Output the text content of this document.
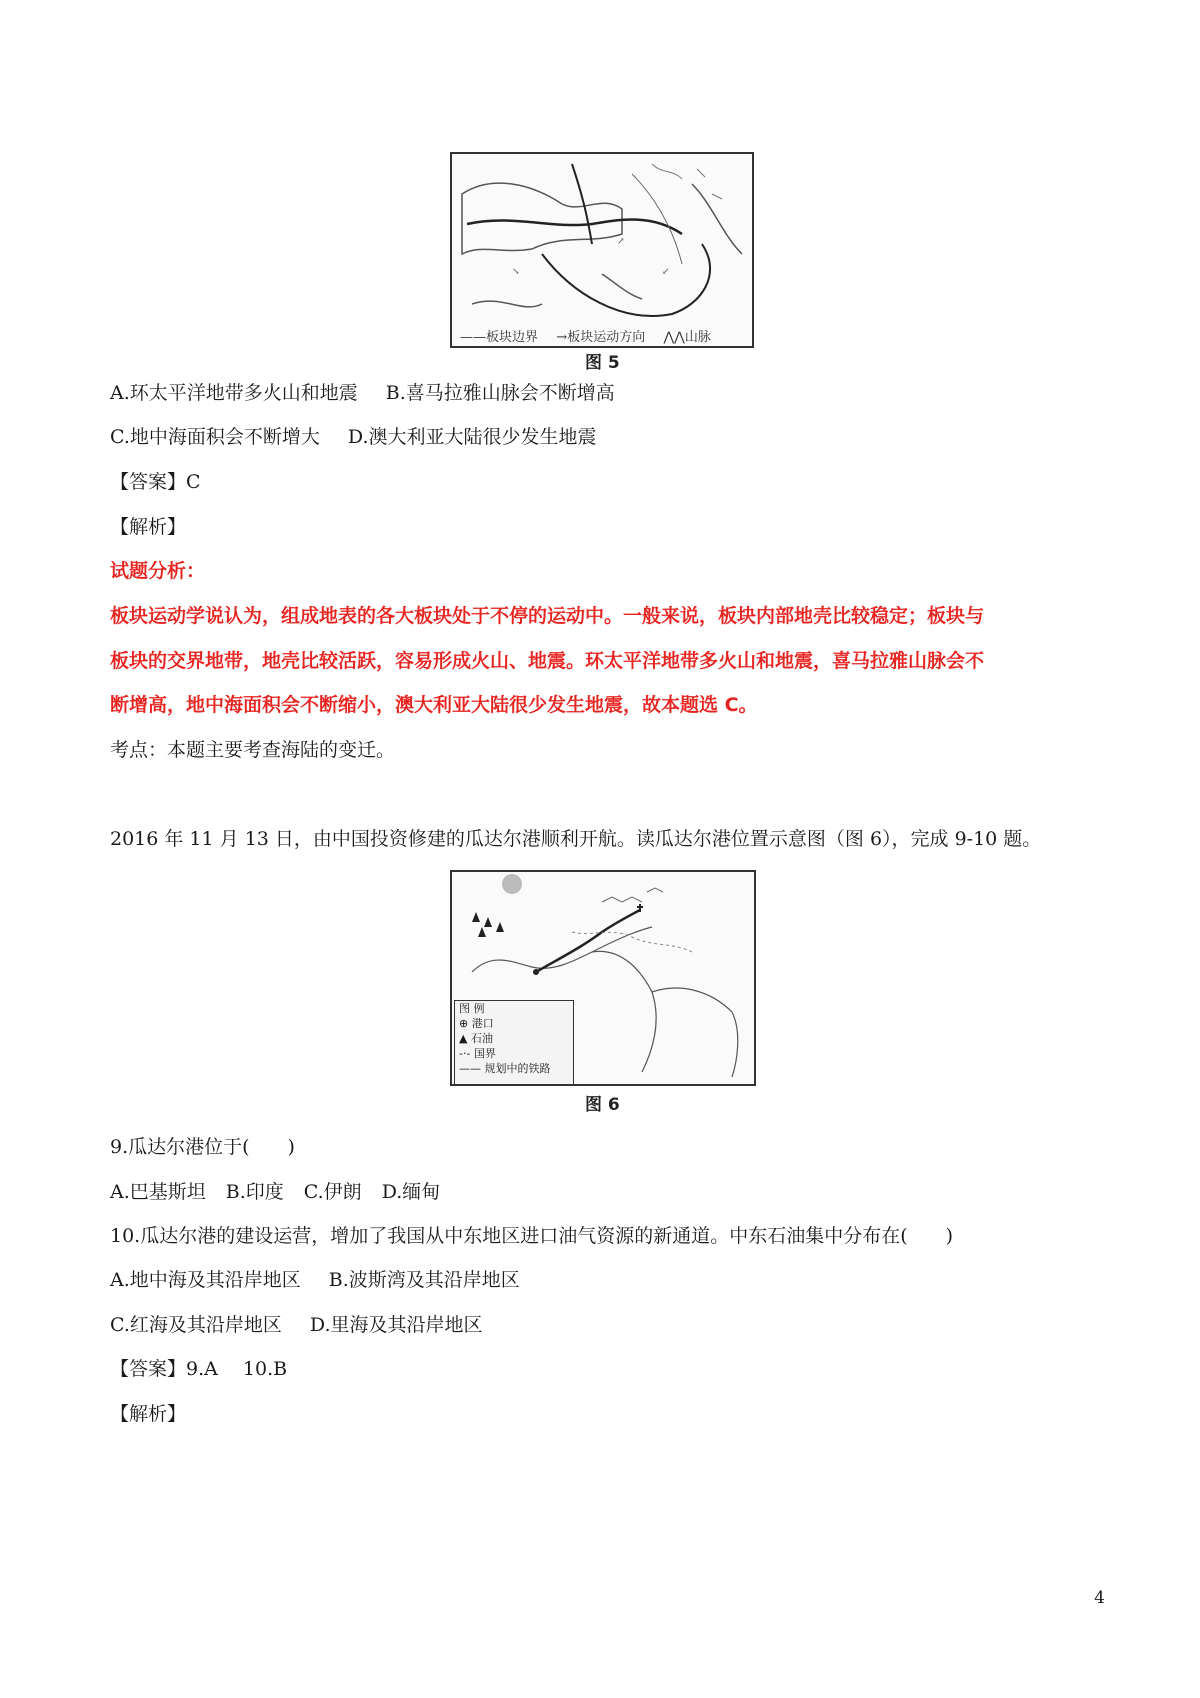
↗
↙
↘
——板块边界 →板块运动方向 ⋀⋀山脉
图 5
A.环太平洋地带多火山和地震 B.喜马拉雅山脉会不断增高
C.地中海面积会不断增大 D.澳大利亚大陆很少发生地震
【答案】C
【解析】
试题分析：
板块运动学说认为，组成地表的各大板块处于不停的运动中。一般来说，板块内部地壳比较稳定；板块与
板块的交界地带，地壳比较活跃，容易形成火山、地震。环太平洋地带多火山和地震，喜马拉雅山脉会不
断增高，地中海面积会不断缩小，澳大利亚大陆很少发生地震，故本题选 C。
考点：本题主要考查海陆的变迁。
2016 年 11 月 13 日，由中国投资修建的瓜达尔港顺利开航。读瓜达尔港位置示意图（图 6），完成 9-10 题。
图 例
⊕ 港口
▲ 石油
-·- 国界
—— 规划中的铁路
图 6
9.瓜达尔港位于(　　)
A.巴基斯坦 B.印度 C.伊朗 D.缅甸
10.瓜达尔港的建设运营，增加了我国从中东地区进口油气资源的新通道。中东石油集中分布在(　　)
A.地中海及其沿岸地区 B.波斯湾及其沿岸地区
C.红海及其沿岸地区 D.里海及其沿岸地区
【答案】9.A　 10.B
【解析】
4
